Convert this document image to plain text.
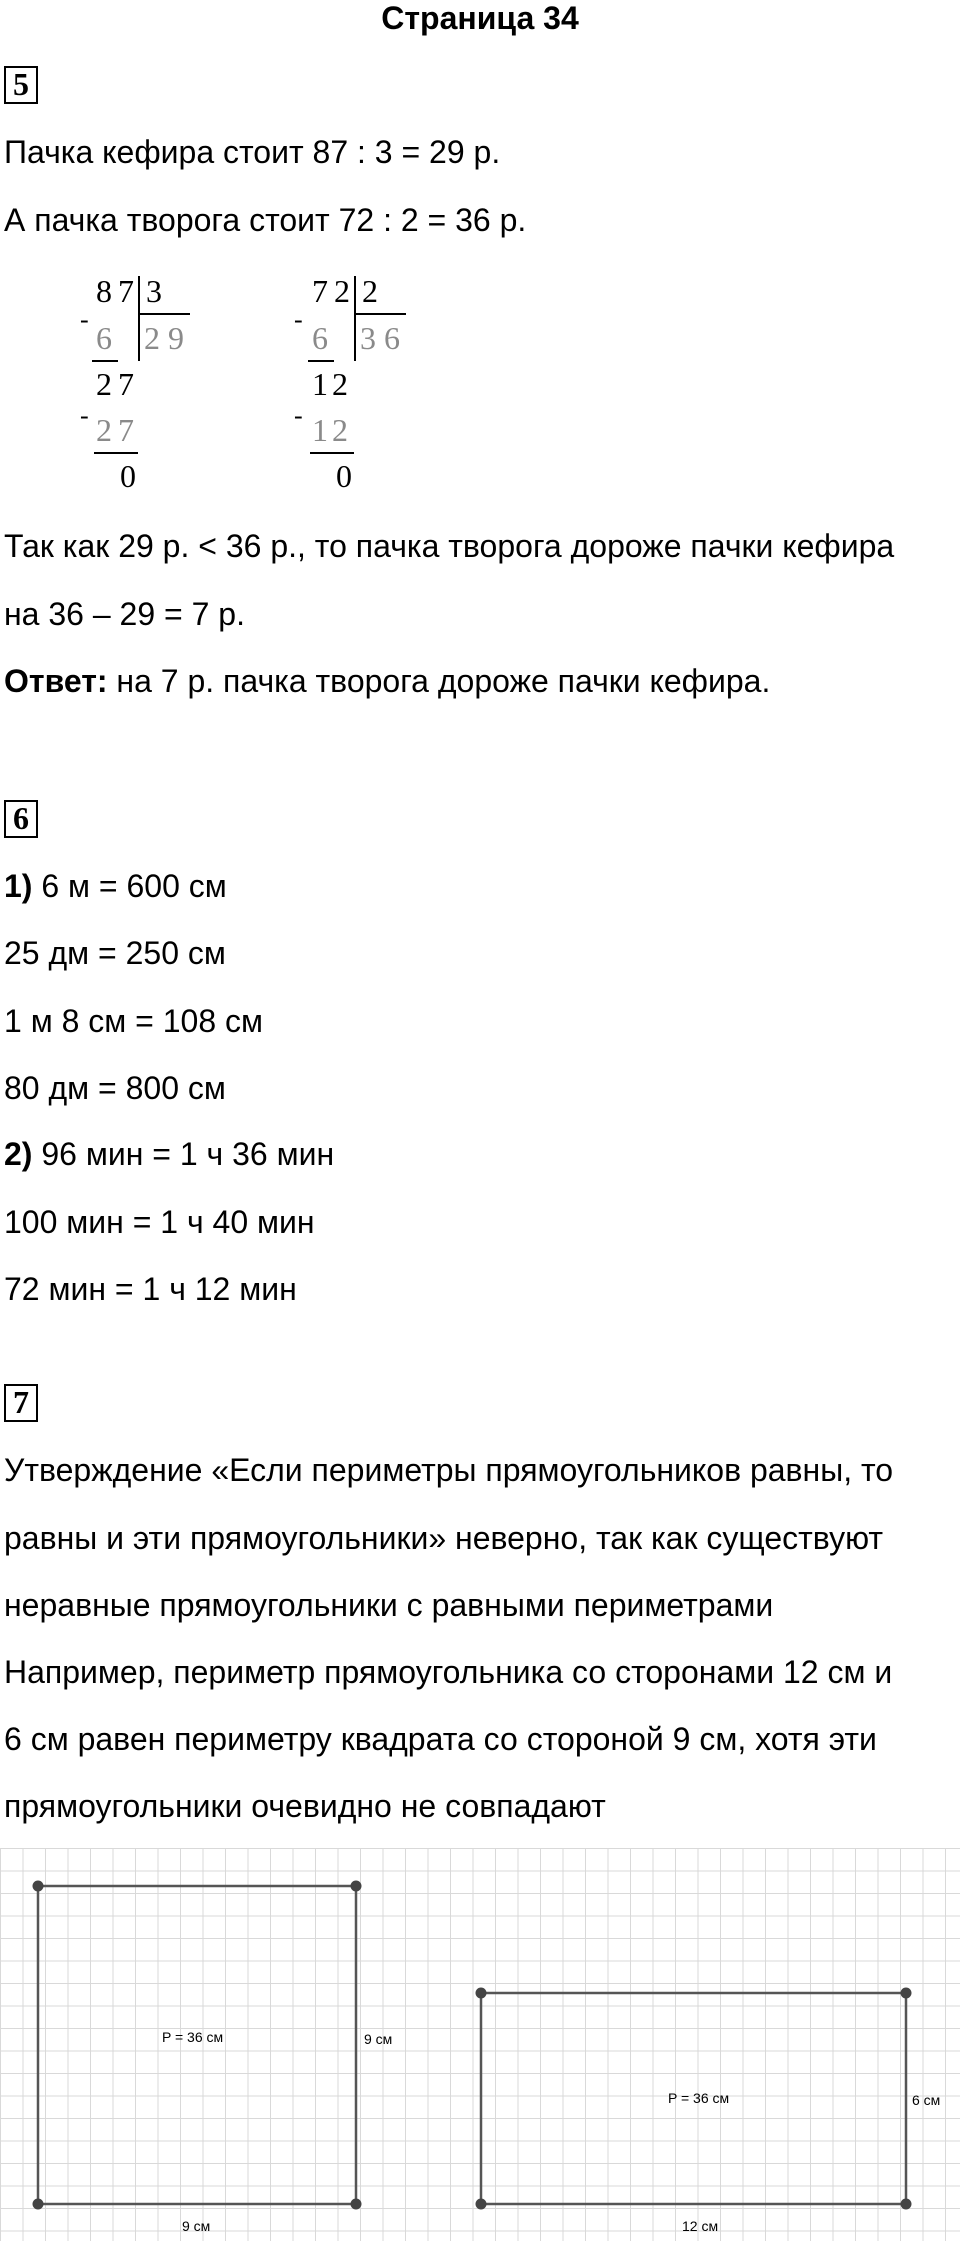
Страница 34
5
Пачка кефира стоит 87 : 3 = 29 р.
А пачка творога стоит 72 : 2 = 36 р.
-
8 7 3
2 9
6
2 7
- 2 7
0
-
7 2 2
3 6
6
1 2
- 1 2
0
Так как 29 р. < 36 р., то пачка творога дороже пачки кефира
на 36 – 29 = 7 р.
Ответ: на 7 р. пачка творога дороже пачки кефира.
6
1) 6 м = 600 см
25 дм = 250 см
1 м 8 см = 108 см
80 дм = 800 см
2) 96 мин = 1 ч 36 мин
100 мин = 1 ч 40 мин
72 мин = 1 ч 12 мин
7
Утверждение «Если периметры прямоугольников равны, то
равны и эти прямоугольники» неверно, так как существуют
неравные прямоугольники с равными периметрами
Например, периметр прямоугольника со сторонами 12 см и
6 см равен периметру квадрата со стороной 9 см, хотя эти
прямоугольники очевидно не совпадают
P = 36 см	9 см
9 см
P = 36 см	6 см
12 см
